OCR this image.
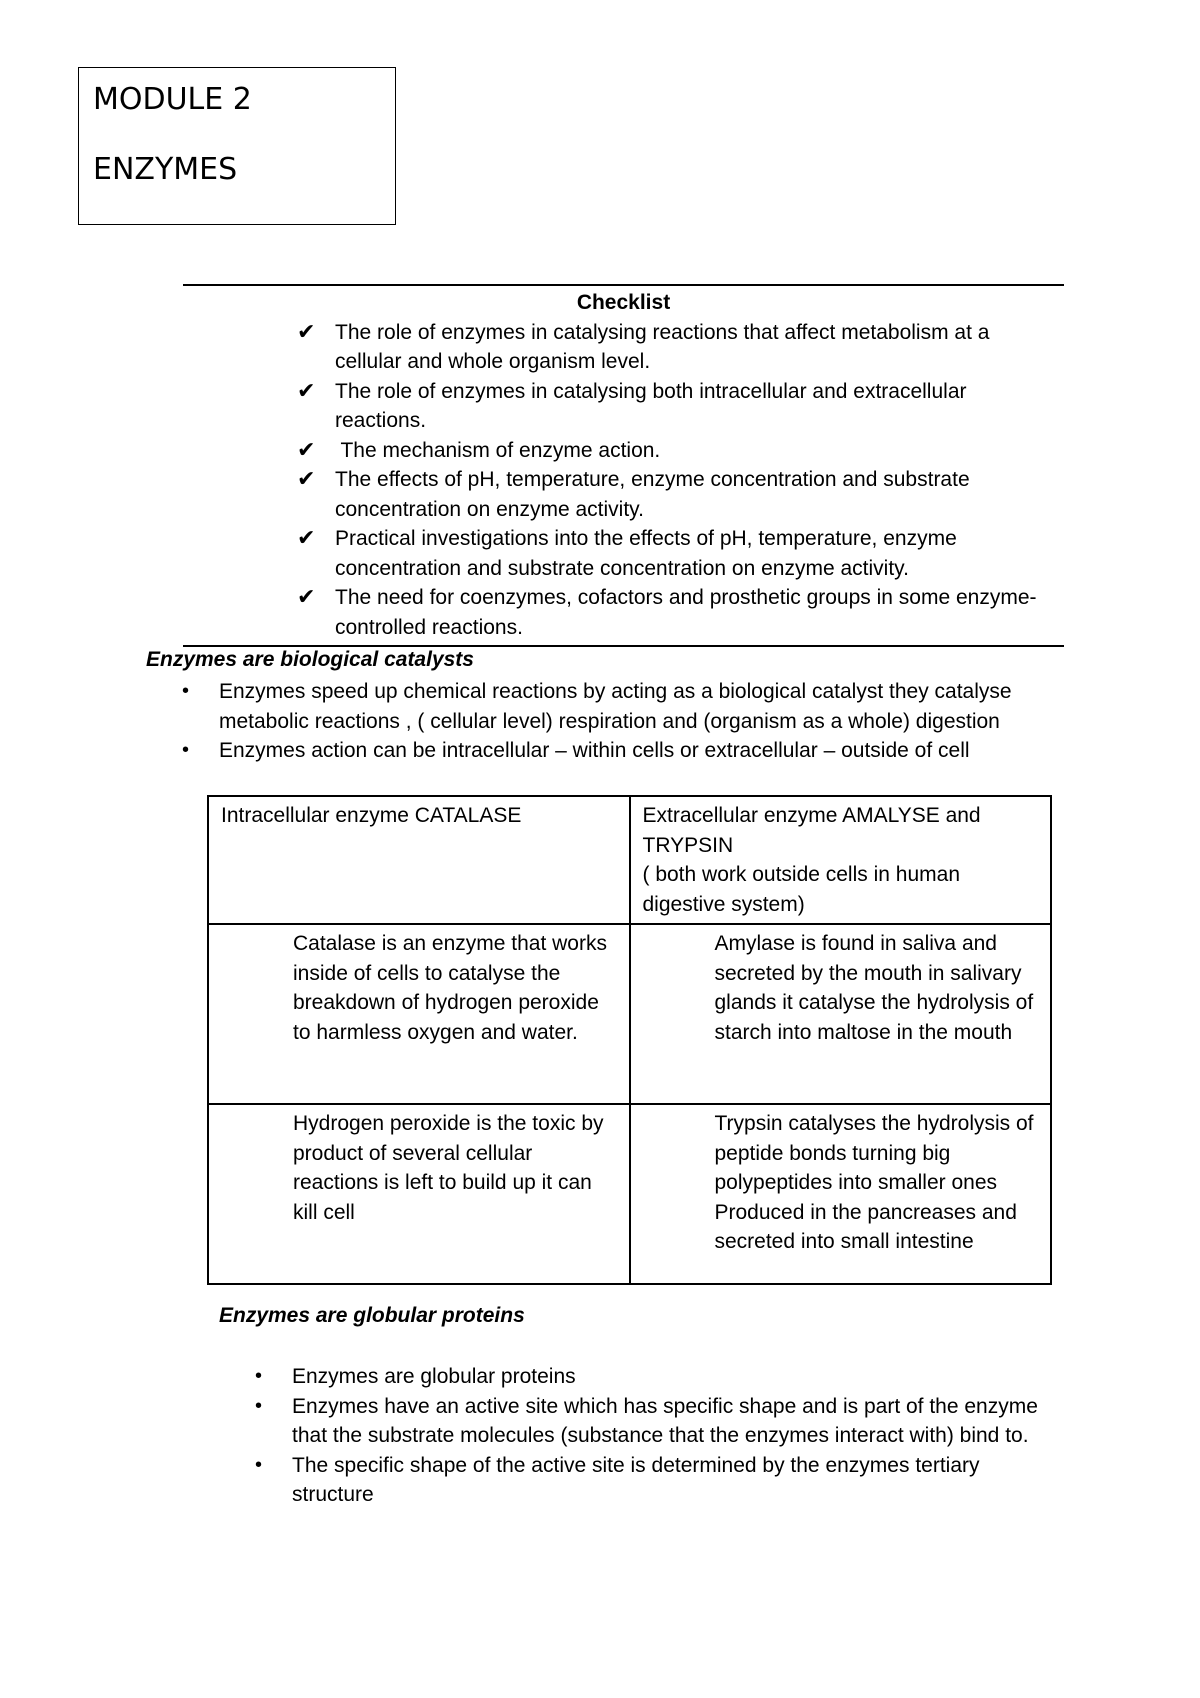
MODULE 2
ENZYMES
Checklist
✔ The role of enzymes in catalysing reactions that affect metabolism at a cellular and whole organism level.
✔ The role of enzymes in catalysing both intracellular and extracellular reactions.
✔ The mechanism of enzyme action.
✔ The effects of pH, temperature, enzyme concentration and substrate concentration on enzyme activity.
✔ Practical investigations into the effects of pH, temperature, enzyme concentration and substrate concentration on enzyme activity.
✔ The need for coenzymes, cofactors and prosthetic groups in some enzyme-controlled reactions.
Enzymes are biological catalysts
• Enzymes speed up chemical reactions by acting as a biological catalyst they catalyse metabolic reactions , ( cellular level) respiration and (organism as a whole) digestion
• Enzymes action can be intracellular – within cells or extracellular – outside of cell
Intracellular enzyme CATALASE	Extracellular enzyme AMALYSE and TRYPSIN
( both work outside cells in human digestive system)
Catalase is an enzyme that works inside of cells to catalyse the breakdown of hydrogen peroxide to harmless oxygen and water.	Amylase is found in saliva and secreted by the mouth in salivary glands it catalyse the hydrolysis of starch into maltose in the mouth
Hydrogen peroxide is the toxic by product of several cellular reactions is left to build up it can kill cell	Trypsin catalyses the hydrolysis of peptide bonds turning big polypeptides into smaller ones Produced in the pancreases and secreted into small intestine
Enzymes are globular proteins
• Enzymes are globular proteins
• Enzymes have an active site which has specific shape and is part of the enzyme that the substrate molecules (substance that the enzymes interact with) bind to.
• The specific shape of the active site is determined by the enzymes tertiary structure
